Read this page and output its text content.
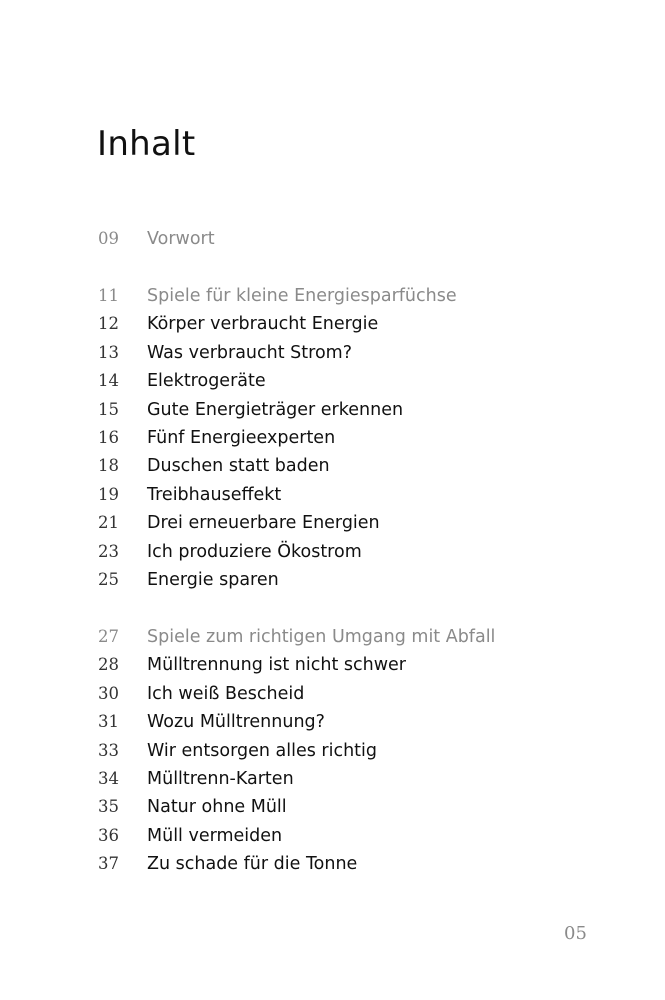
Inhalt
09 Vorwort
11 Spiele für kleine Energiesparfüchse
12 Körper verbraucht Energie
13 Was verbraucht Strom?
14 Elektrogeräte
15 Gute Energieträger erkennen
16 Fünf Energieexperten
18 Duschen statt baden
19 Treibhauseffekt
21 Drei erneuerbare Energien
23 Ich produziere Ökostrom
25 Energie sparen
27 Spiele zum richtigen Umgang mit Abfall
28 Mülltrennung ist nicht schwer
30 Ich weiß Bescheid
31 Wozu Mülltrennung?
33 Wir entsorgen alles richtig
34 Mülltrenn-Karten
35 Natur ohne Müll
36 Müll vermeiden
37 Zu schade für die Tonne
05
